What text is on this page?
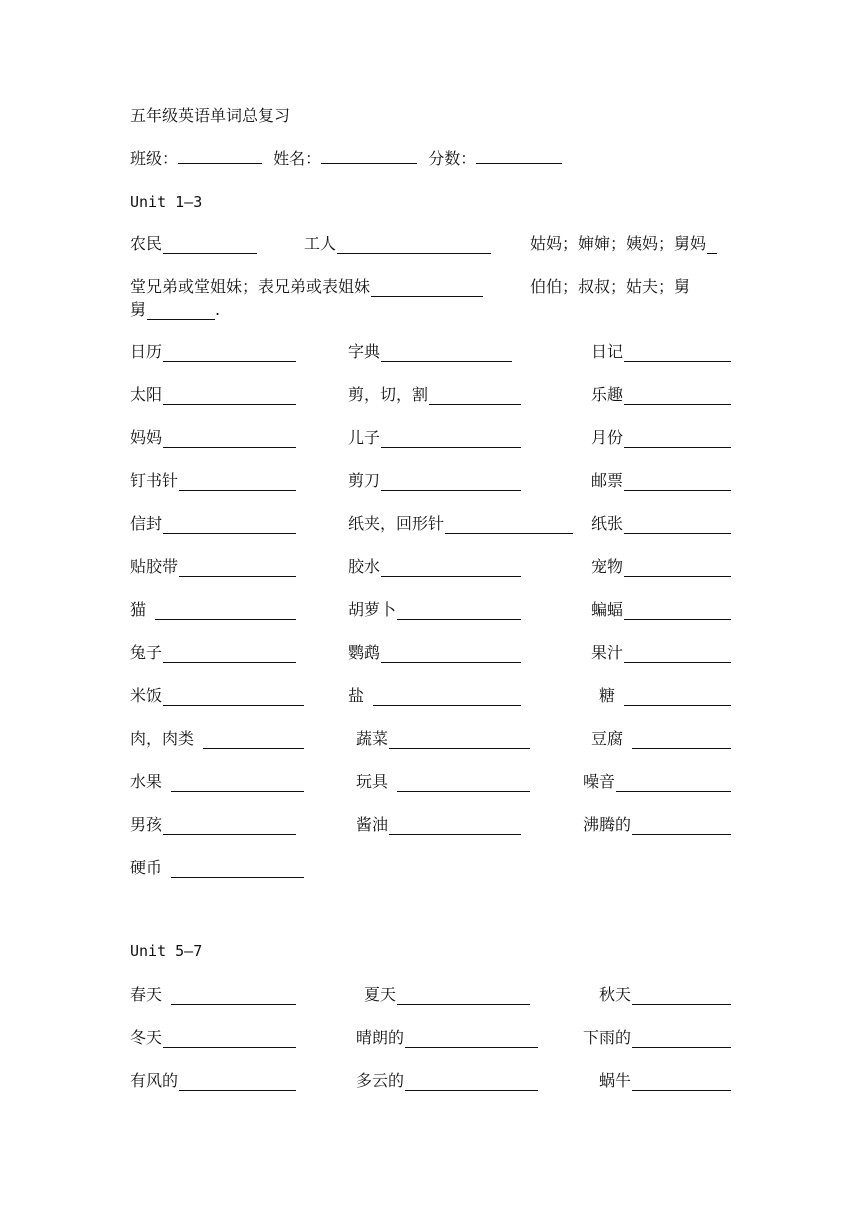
五年级英语单词总复习
班级：	姓名：	分数：
Unit 1—3
农民	工人	姑妈；婶婶；姨妈；舅妈
堂兄弟或堂姐妹；表兄弟或表姐妹	伯伯；叔叔；姑夫；舅
舅	.
日历	字典	日记
太阳	剪，切，割	乐趣
妈妈	儿子	月份
钉书针	剪刀	邮票
信封	纸夹，回形针	纸张
贴胶带	胶水	宠物
猫	胡萝卜	蝙蝠
兔子	鹦鹉	果汁
米饭	盐	糖
肉，肉类	蔬菜	豆腐
水果	玩具	噪音
男孩	酱油	沸腾的
硬币
Unit 5—7
春天	夏天	秋天
冬天	晴朗的	下雨的
有风的	多云的	蜗牛
